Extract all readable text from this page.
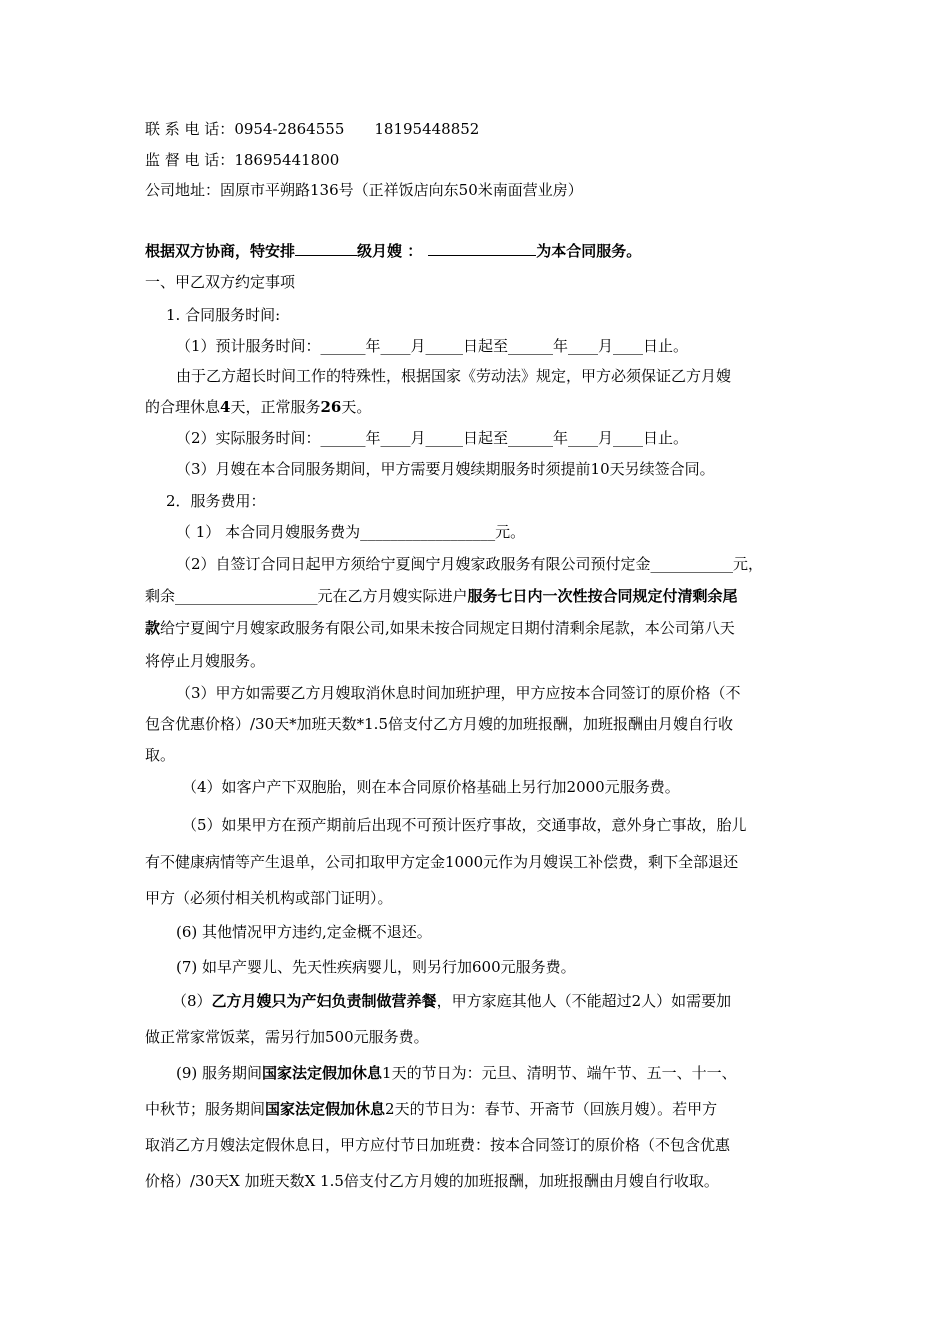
联 系 电 话：0954-2864555 18195448852
监 督 电 话：18695441800
公司地址：固原市平朔路136号（正祥饭店向东50米南面营业房）
根据双方协商，特安排	级月嫂 ：	为本合同服务。
一、甲乙双方约定事项
1. 合同服务时间:
（1）预计服务时间：______年____月_____日起至______年____月____日止。
由于乙方超长时间工作的特殊性，根据国家《劳动法》规定，甲方必须保证乙方月嫂
的合理休息4天，正常服务26天。
（2）实际服务时间：______年____月_____日起至______年____月____日止。
（3）月嫂在本合同服务期间，甲方需要月嫂续期服务时须提前10天另续签合同。
2．服务费用：
（ 1） 本合同月嫂服务费为__________________元。
（2）自签订合同日起甲方须给宁夏闽宁月嫂家政服务有限公司预付定金___________元，
剩余___________________元在乙方月嫂实际进户服务七日内一次性按合同规定付清剩余尾
款给宁夏闽宁月嫂家政服务有限公司,如果未按合同规定日期付清剩余尾款，本公司第八天
将停止月嫂服务。
（3）甲方如需要乙方月嫂取消休息时间加班护理，甲方应按本合同签订的原价格（不
包含优惠价格）/30天*加班天数*1.5倍支付乙方月嫂的加班报酬，加班报酬由月嫂自行收
取。
（4）如客户产下双胞胎，则在本合同原价格基础上另行加2000元服务费。
（5）如果甲方在预产期前后出现不可预计医疗事故，交通事故，意外身亡事故，胎儿
有不健康病情等产生退单，公司扣取甲方定金1000元作为月嫂误工补偿费，剩下全部退还
甲方（必须付相关机构或部门证明）。
(6) 其他情况甲方违约,定金概不退还。
(7) 如早产婴儿、先天性疾病婴儿，则另行加600元服务费。
（8）乙方月嫂只为产妇负责制做营养餐，甲方家庭其他人（不能超过2人）如需要加
做正常家常饭菜，需另行加500元服务费。
(9) 服务期间国家法定假加休息1天的节日为：元旦、清明节、端午节、五一、十一、
中秋节；服务期间国家法定假加休息2天的节日为：春节、开斋节（回族月嫂）。若甲方
取消乙方月嫂法定假休息日，甲方应付节日加班费：按本合同签订的原价格（不包含优惠
价格）/30天X 加班天数X 1.5倍支付乙方月嫂的加班报酬，加班报酬由月嫂自行收取。
